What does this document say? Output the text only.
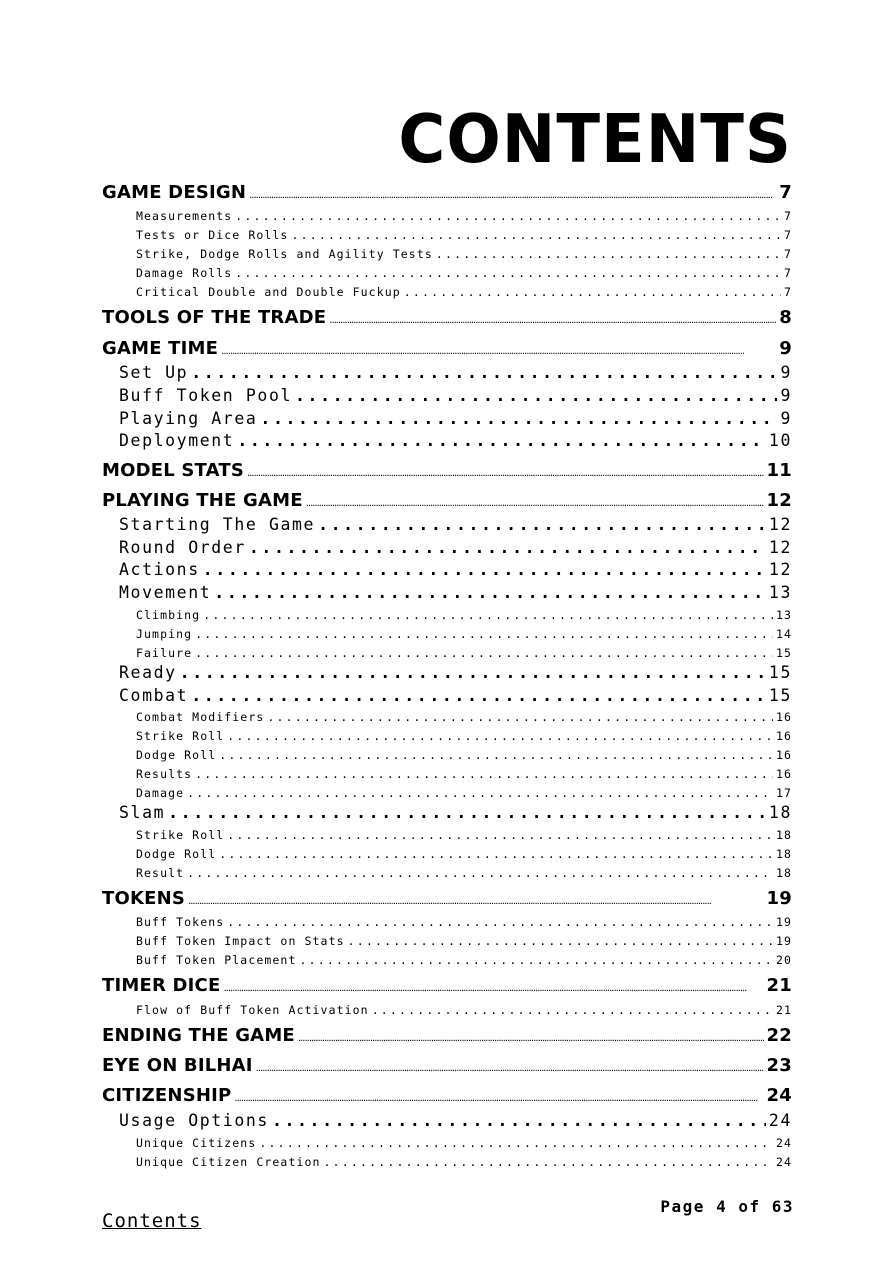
CONTENTS
GAME DESIGN .....	7
Measurements .....	7
Tests or Dice Rolls .....	7
Strike, Dodge Rolls and Agility Tests .....	7
Damage Rolls .....	7
Critical Double and Double Fuckup .....	7
TOOLS OF THE TRADE .....	8
GAME TIME .....	9
Set Up .....	9
Buff Token Pool .....	9
Playing Area .....	9
Deployment .....	10
MODEL STATS .....	11
PLAYING THE GAME .....	12
Starting The Game .....	12
Round Order .....	12
Actions .....	12
Movement .....	13
Climbing .....	13
Jumping .....	14
Failure .....	15
Ready .....	15
Combat .....	15
Combat Modifiers .....	16
Strike Roll .....	16
Dodge Roll .....	16
Results .....	16
Damage .....	17
Slam .....	18
Strike Roll .....	18
Dodge Roll .....	18
Result .....	18
TOKENS .....	19
Buff Tokens .....	19
Buff Token Impact on Stats .....	19
Buff Token Placement .....	20
TIMER DICE .....	21
Flow of Buff Token Activation .....	21
ENDING THE GAME .....	22
EYE ON BILHAI .....	23
CITIZENSHIP .....	24
Usage Options .....	24
Unique Citizens .....	24
Unique Citizen Creation .....	24
Page 4 of 63
Contents
